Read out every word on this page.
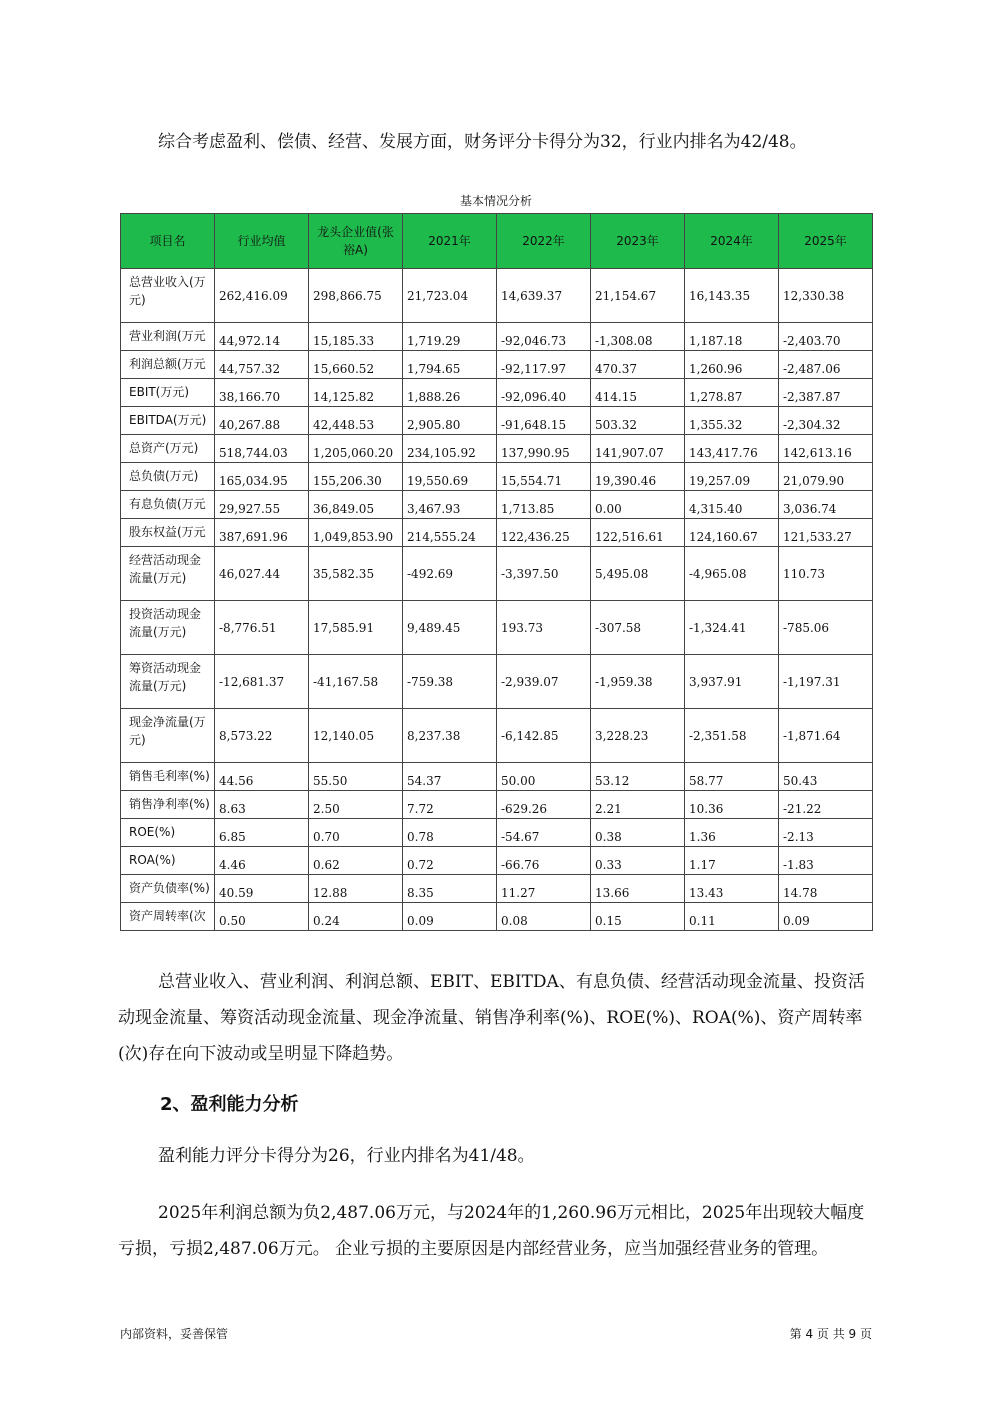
综合考虑盈利、偿债、经营、发展方面，财务评分卡得分为32，行业内排名为42/48。
基本情况分析
项目名	行业均值	龙头企业值(张裕A)	2021年	2022年	2023年	2024年	2025年
总营业收入(万元)	262,416.09	298,866.75	21,723.04	14,639.37	21,154.67	16,143.35	12,330.38
营业利润(万元	44,972.14	15,185.33	1,719.29	-92,046.73	-1,308.08	1,187.18	-2,403.70
利润总额(万元	44,757.32	15,660.52	1,794.65	-92,117.97	470.37	1,260.96	-2,487.06
EBIT(万元)	38,166.70	14,125.82	1,888.26	-92,096.40	414.15	1,278.87	-2,387.87
EBITDA(万元)	40,267.88	42,448.53	2,905.80	-91,648.15	503.32	1,355.32	-2,304.32
总资产(万元)	518,744.03	1,205,060.20	234,105.92	137,990.95	141,907.07	143,417.76	142,613.16
总负债(万元)	165,034.95	155,206.30	19,550.69	15,554.71	19,390.46	19,257.09	21,079.90
有息负债(万元	29,927.55	36,849.05	3,467.93	1,713.85	0.00	4,315.40	3,036.74
股东权益(万元	387,691.96	1,049,853.90	214,555.24	122,436.25	122,516.61	124,160.67	121,533.27
经营活动现金流量(万元)	46,027.44	35,582.35	-492.69	-3,397.50	5,495.08	-4,965.08	110.73
投资活动现金流量(万元)	-8,776.51	17,585.91	9,489.45	193.73	-307.58	-1,324.41	-785.06
筹资活动现金流量(万元)	-12,681.37	-41,167.58	-759.38	-2,939.07	-1,959.38	3,937.91	-1,197.31
现金净流量(万元)	8,573.22	12,140.05	8,237.38	-6,142.85	3,228.23	-2,351.58	-1,871.64
销售毛利率(%)	44.56	55.50	54.37	50.00	53.12	58.77	50.43
销售净利率(%)	8.63	2.50	7.72	-629.26	2.21	10.36	-21.22
ROE(%)	6.85	0.70	0.78	-54.67	0.38	1.36	-2.13
ROA(%)	4.46	0.62	0.72	-66.76	0.33	1.17	-1.83
资产负债率(%)	40.59	12.88	8.35	11.27	13.66	13.43	14.78
资产周转率(次	0.50	0.24	0.09	0.08	0.15	0.11	0.09
总营业收入、营业利润、利润总额、EBIT、EBITDA、有息负债、经营活动现金流量、投资活动现金流量、筹资活动现金流量、现金净流量、销售净利率(%)、ROE(%)、ROA(%)、资产周转率(次)存在向下波动或呈明显下降趋势。
2、盈利能力分析
盈利能力评分卡得分为26，行业内排名为41/48。
2025年利润总额为负2,487.06万元，与2024年的1,260.96万元相比，2025年出现较大幅度亏损，亏损2,487.06万元。 企业亏损的主要原因是内部经营业务，应当加强经营业务的管理。
内部资料，妥善保管	第 4 页 共 9 页
